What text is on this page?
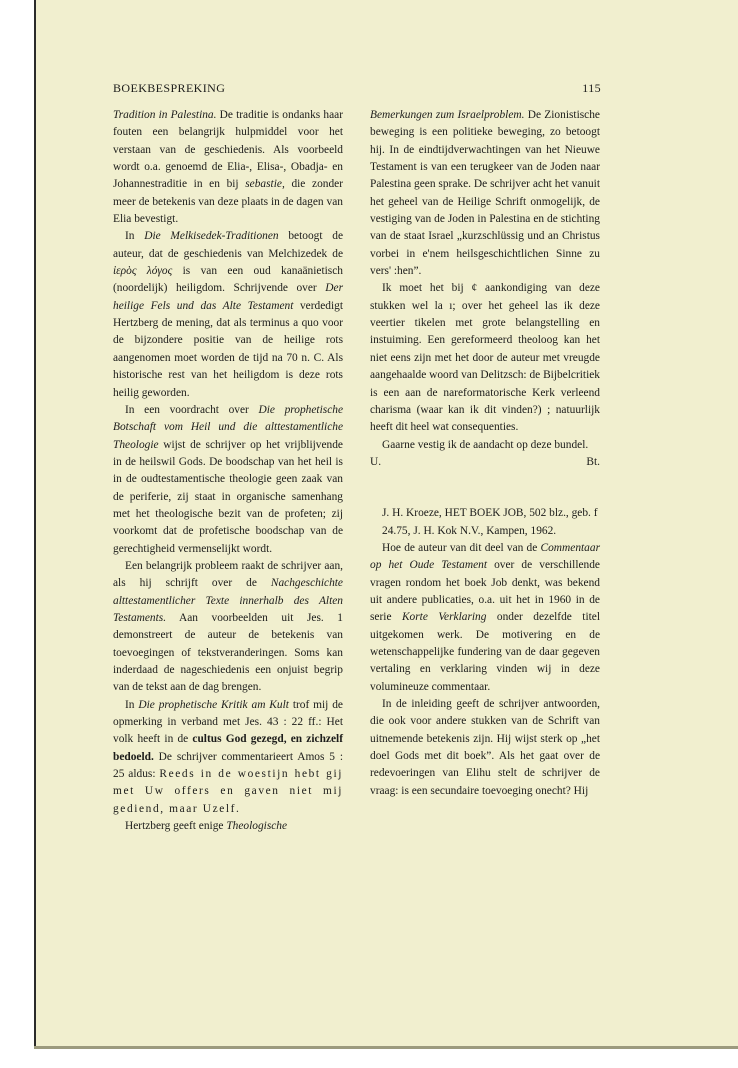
BOEKBESPREKING	115

Tradition in Palestina. De traditie is ondanks haar fouten een belangrijk hulpmiddel voor het verstaan van de geschiedenis. Als voorbeeld wordt o.a. genoemd de Elia-, Elisa-, Obadja- en Johannestraditie in en bij sebastie, die zonder meer de betekenis van deze plaats in de dagen van Elia bevestigt.

In Die Melkisedek-Traditionen betoogt de auteur, dat de geschiedenis van Melchizedek de ἱερὸς λόγος is van een oud kanaänietisch (noordelijk) heiligdom. Schrijvende over Der heilige Fels und das Alte Testament verdedigt Hertzberg de mening, dat als terminus a quo voor de bijzondere positie van de heilige rots aangenomen moet worden de tijd na 70 n. C. Als historische rest van het heiligdom is deze rots heilig geworden.

In een voordracht over Die prophetische Botschaft vom Heil und die alttestamentliche Theologie wijst de schrijver op het vrijblijvende in de heilswil Gods. De boodschap van het heil is in de oudtestamentische theologie geen zaak van de periferie, zij staat in organische samenhang met het theologische bezit van de profeten; zij voorkomt dat de profetische boodschap van de gerechtigheid vermenselijkt wordt.

Een belangrijk probleem raakt de schrijver aan, als hij schrijft over de Nachgeschichte alttestamentlicher Texte innerhalb des Alten Testaments. Aan voorbeelden uit Jes. 1 demonstreert de auteur de betekenis van toevoegingen of tekstveranderingen. Soms kan inderdaad de nageschiedenis een onjuist begrip van de tekst aan de dag brengen.

In Die prophetische Kritik am Kult trof mij de opmerking in verband met Jes. 43 : 22 ff.: Het volk heeft in de cultus God gezegd, en zichzelf bedoeld. De schrijver commentarieert Amos 5 : 25 aldus: Reeds in de woestijn hebt gij met Uw offers en gaven niet mij gediend, maar Uzelf.

Hertzberg geeft enige Theologische

Bemerkungen zum Israelproblem. De Zionistische beweging is een politieke beweging, zo betoogt hij. In de eindtijdverwachtingen van het Nieuwe Testament is van een terugkeer van de Joden naar Palestina geen sprake. De schrijver acht het vanuit het geheel van de Heilige Schrift onmogelijk, de vestiging van de Joden in Palestina en de stichting van de staat Israel „kurzschlüssig und an Christus vorbei in e'nem heilsgeschichtlichen Sinne zu vers' :hen”.

Ik moet het bij ¢ aankondiging van deze stukken wel la ı; over het geheel las ik deze veertier tikelen met grote belangstelling en instuiming. Een gereformeerd theoloog kan het niet eens zijn met het door de auteur met vreugde aangehaalde woord van Delitzsch: de Bijbelcritiek is een aan de nareformatorische Kerk verleend charisma (waar kan ik dit vinden?) ; natuurlijk heeft dit heel wat consequenties.

Gaarne vestig ik de aandacht op deze bundel.

U.	Bt.

J. H. Kroeze, HET BOEK JOB, 502 blz., geb. f 24.75, J. H. Kok N.V., Kampen, 1962.

Hoe de auteur van dit deel van de Commentaar op het Oude Testament over de verschillende vragen rondom het boek Job denkt, was bekend uit andere publicaties, o.a. uit het in 1960 in de serie Korte Verklaring onder dezelfde titel uitgekomen werk. De motivering en de wetenschappelijke fundering van de daar gegeven vertaling en verklaring vinden wij in deze volumineuze commentaar.

In de inleiding geeft de schrijver antwoorden, die ook voor andere stukken van de Schrift van uitnemende betekenis zijn. Hij wijst sterk op „het doel Gods met dit boek”. Als het gaat over de redevoeringen van Elihu stelt de schrijver de vraag: is een secundaire toevoeging onecht? Hij
